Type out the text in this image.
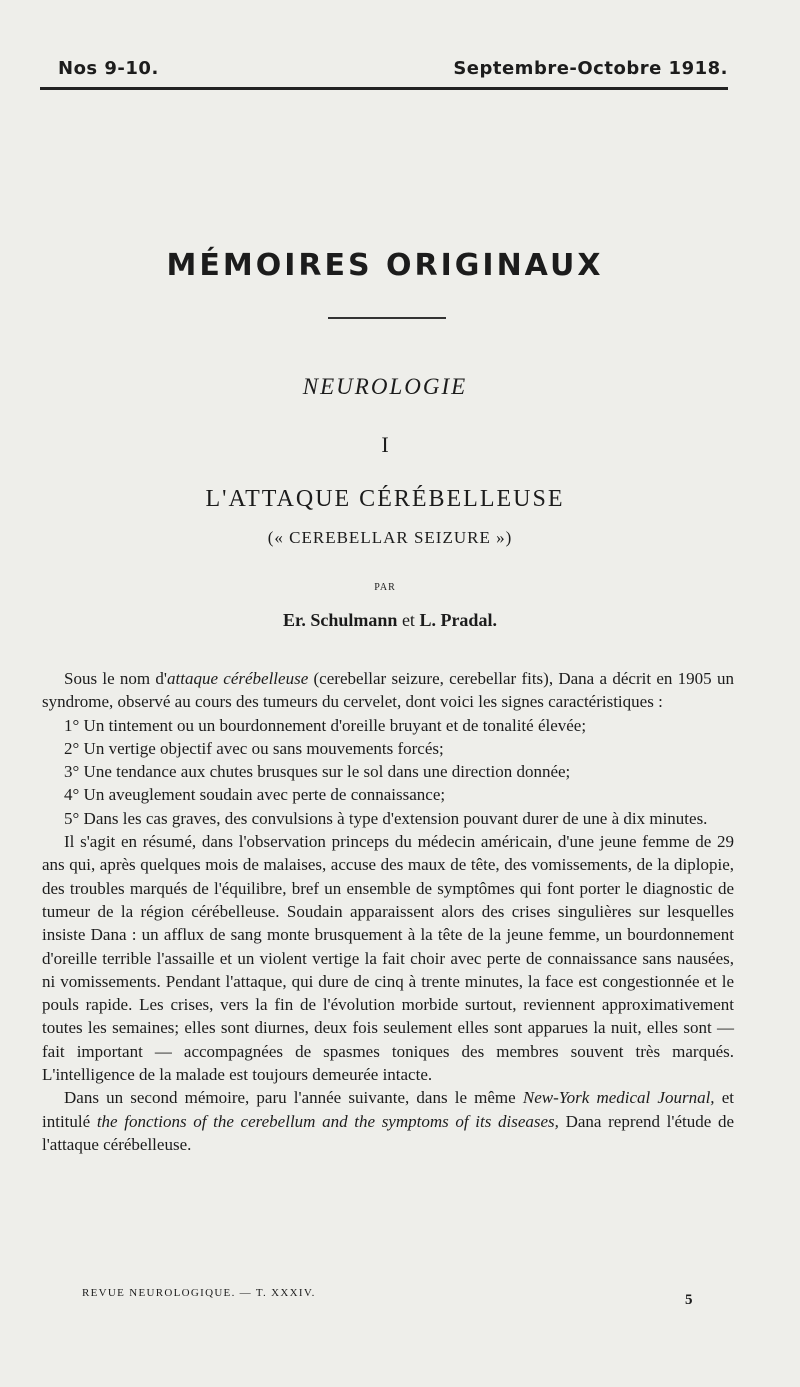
Nos 9-10.	Septembre-Octobre 1918.
MÉMOIRES ORIGINAUX
NEUROLOGIE
I
L'ATTAQUE CÉRÉBELLEUSE
(« CEREBELLAR SEIZURE »)
PAR
Er. Schulmann et L. Pradal.

Sous le nom d'attaque cérébelleuse (cerebellar seizure, cerebellar fits), Dana a décrit en 1905 un syndrome, observé au cours des tumeurs du cervelet, dont voici les signes caractéristiques :

1° Un tintement ou un bourdonnement d'oreille bruyant et de tonalité élevée;

2° Un vertige objectif avec ou sans mouvements forcés;

3° Une tendance aux chutes brusques sur le sol dans une direction donnée;

4° Un aveuglement soudain avec perte de connaissance;

5° Dans les cas graves, des convulsions à type d'extension pouvant durer de une à dix minutes.

Il s'agit en résumé, dans l'observation princeps du médecin américain, d'une jeune femme de 29 ans qui, après quelques mois de malaises, accuse des maux de tête, des vomissements, de la diplopie, des troubles marqués de l'équilibre, bref un ensemble de symptômes qui font porter le diagnostic de tumeur de la région cérébelleuse. Soudain apparaissent alors des crises singulières sur lesquelles insiste Dana : un afflux de sang monte brusquement à la tête de la jeune femme, un bourdonnement d'oreille terrible l'assaille et un violent vertige la fait choir avec perte de connaissance sans nausées, ni vomissements. Pendant l'attaque, qui dure de cinq à trente minutes, la face est congestionnée et le pouls rapide. Les crises, vers la fin de l'évolution morbide surtout, reviennent approximativement toutes les semaines; elles sont diurnes, deux fois seulement elles sont apparues la nuit, elles sont — fait important — accompagnées de spasmes toniques des membres souvent très marqués. L'intelligence de la malade est toujours demeurée intacte.

Dans un second mémoire, paru l'année suivante, dans le même New-York medical Journal, et intitulé the fonctions of the cerebellum and the symptoms of its diseases, Dana reprend l'étude de l'attaque cérébelleuse.

REVUE NEUROLOGIQUE. — T. XXXIV.	5
